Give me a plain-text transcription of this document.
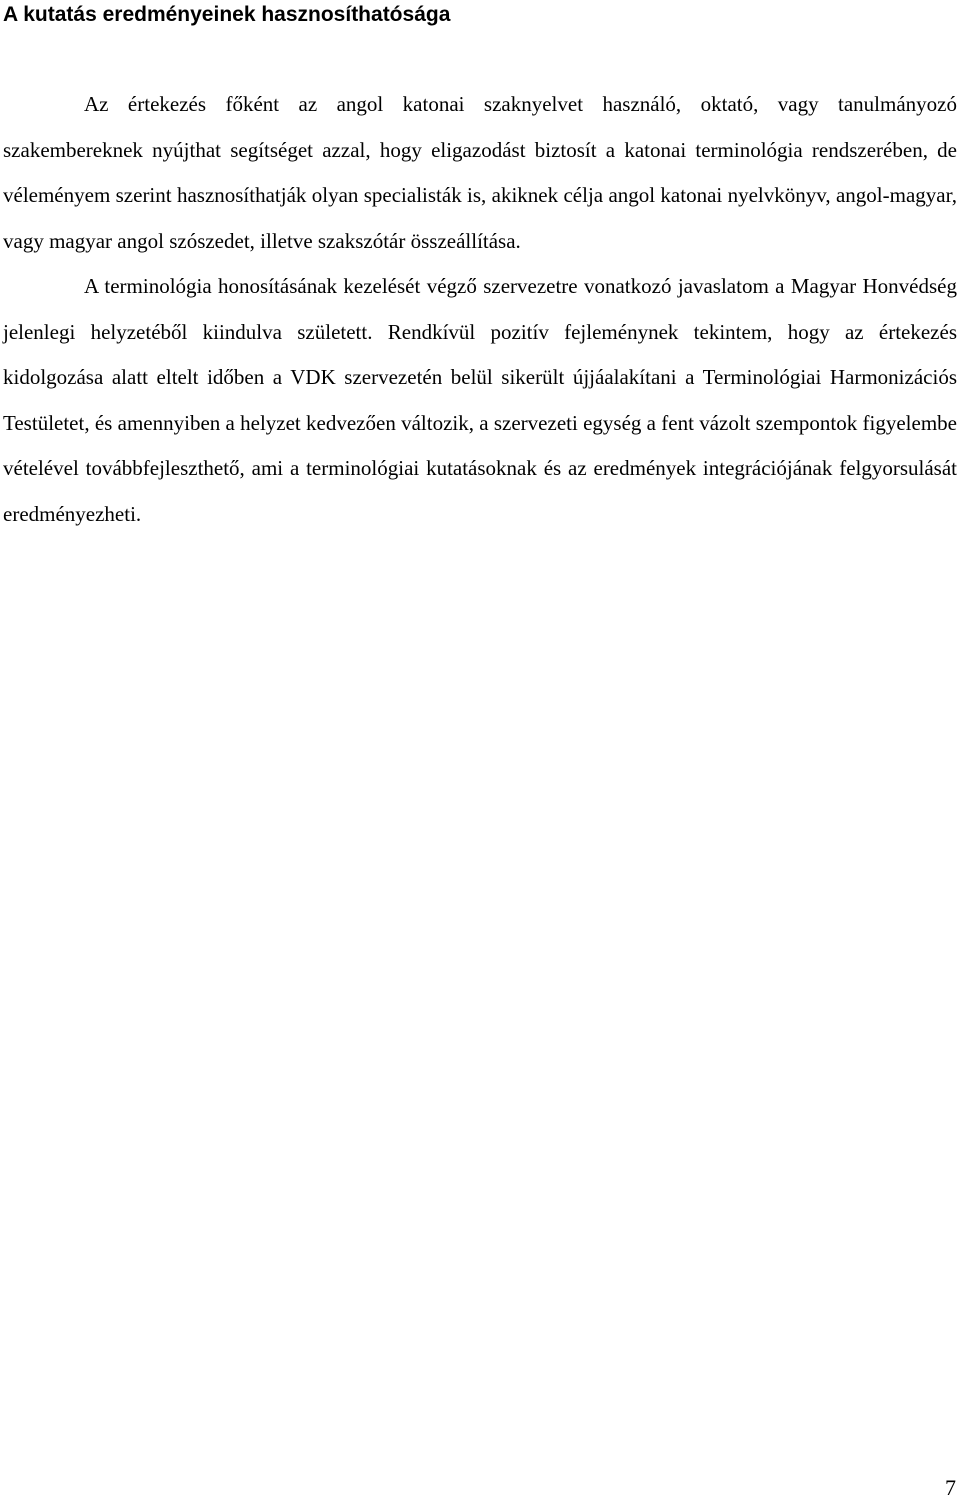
A kutatás eredményeinek hasznosíthatósága

Az értekezés főként az angol katonai szaknyelvet használó, oktató, vagy tanulmányozó szakembereknek nyújthat segítséget azzal, hogy eligazodást biztosít a katonai terminológia rendszerében, de véleményem szerint hasznosíthatják olyan specialisták is, akiknek célja angol katonai nyelvkönyv, angol-magyar, vagy magyar angol szószedet, illetve szakszótár összeállítása.

A terminológia honosításának kezelését végző szervezetre vonatkozó javaslatom a Magyar Honvédség jelenlegi helyzetéből kiindulva született. Rendkívül pozitív fejleménynek tekintem, hogy az értekezés kidolgozása alatt eltelt időben a VDK szervezetén belül sikerült újjáalakítani a Terminológiai Harmonizációs Testületet, és amennyiben a helyzet kedvezően változik, a szervezeti egység a fent vázolt szempontok figyelembe vételével továbbfejleszthető, ami a terminológiai kutatásoknak és az eredmények integrációjának felgyorsulását eredményezheti.

7
